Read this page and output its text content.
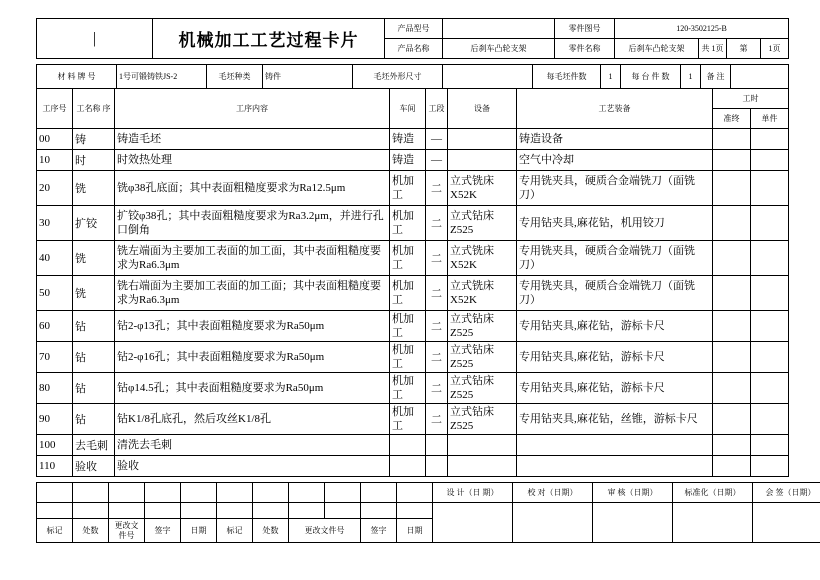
|	机械加工工艺过程卡片	产品型号		零件图号	120-3502125-B			
		产品名称	后刹车凸轮支架	零件名称	后刹车凸轮支架	共 1页	第	1页
材 料 牌 号	1号可锻铸铁JS-2	毛坯种类	铸件	毛坯外形尺寸		每毛坯件数	1	每 台 件 数	1	备 注	
工序号	工名称 序	工序内容	车间	工段	设备	工艺装备	工时	
							准终	单件
00	铸	铸造毛坯	铸造	—		铸造设备		
10	时	时效热处理	铸造	—		空气中冷却		
20	铣	铣φ38孔底面；其中表面粗糙度要求为Ra12.5μm	机加工	二	立式铣床X52K	专用铣夹具，硬质合金端铣刀（面铣刀）		
30	扩铰	扩铰φ38孔；其中表面粗糙度要求为Ra3.2μm，并进行孔口倒角	机加工	二	立式钻床Z525	专用钻夹具,麻花钻，机用铰刀		
40	铣	铣左端面为主要加工表面的加工面，其中表面粗糙度要求为Ra6.3μm	机加工	二	立式铣床X52K	专用铣夹具，硬质合金端铣刀（面铣刀）		
50	铣	铣右端面为主要加工表面的加工面；其中表面粗糙度要求为Ra6.3μm	机加工	二	立式铣床X52K	专用铣夹具，硬质合金端铣刀（面铣刀）		
60	钻	钻2-φ13孔；其中表面粗糙度要求为Ra50μm	机加工	二	立式钻床Z525	专用钻夹具,麻花钻，游标卡尺		
70	钻	钻2-φ16孔；其中表面粗糙度要求为Ra50μm	机加工	二	立式钻床Z525	专用钻夹具,麻花钻，游标卡尺		
80	钻	钻φ14.5孔；其中表面粗糙度要求为Ra50μm	机加工	二	立式钻床Z525	专用钻夹具,麻花钻，游标卡尺		
90	钻	钻K1/8孔底孔，然后攻丝K1/8孔	机加工	二	立式钻床Z525	专用钻夹具,麻花钻，丝锥，游标卡尺		
100	去毛刺	清洗去毛刺						
110	验收	验收						
											设 计（日 期）	校 对（日期）	审 核（日期）	标准化（日期）	会 签（日期）

标记	处数	更改文件号	签字	日期	标记	处数	更改文件号		签字	日期					
